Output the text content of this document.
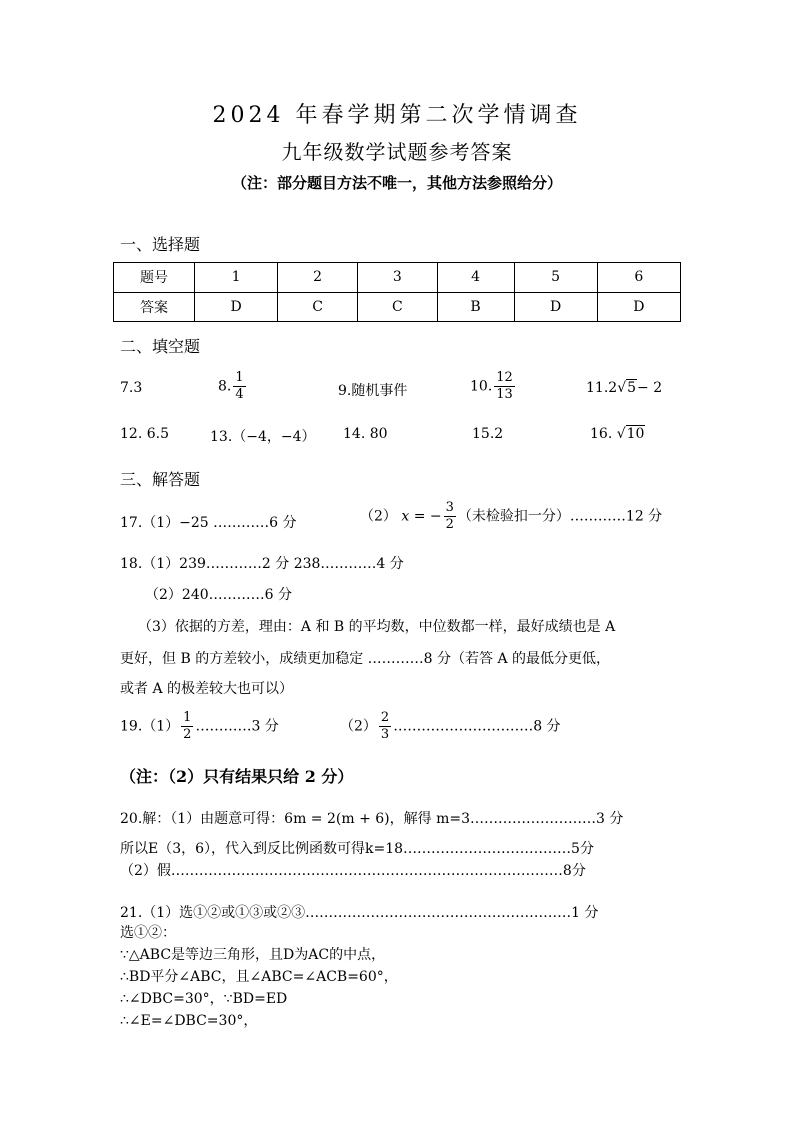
2024 年春学期第二次学情调查
九年级数学试题参考答案
（注：部分题目方法不唯一，其他方法参照给分）
一、选择题
题号	1	2	3	4	5	6
答案	D	C	C	B	D	D
二、填空题
7.3	8. $\frac{1}{4}$	9.随机事件	10. $\frac{12}{13}$	11.2√5− 2
12. 6.5	13.（−4，−4） 14. 80	15.2	16. √10
三、解答题
17.（1）−25 …………6 分	（2） x = − $\frac{3}{2}$ （未检验扣一分）…………12 分
18.（1）239…………2 分 238…………4 分
（2）240…………6 分
（3）依据的方差，理由：A 和 B 的平均数，中位数都一样，最好成绩也是 A
更好，但 B 的方差较小，成绩更加稳定 …………8 分（若答 A 的最低分更低，
或者 A 的极差较大也可以）
$19.(1) \frac{1}{2}$ …………3 分	$(2) \frac{2}{3}$ …………………………8 分
（注：（2）只有结果只给 2 分）
20.解：（1）由题意可得：6m = 2(m + 6)，解得 m=3………………………3 分
所以E（3，6），代入到反比例函数可得k=18………………………………5分
（2）假…………………………………………………………………………8分
21.（1）选①②或①③或②③…………………………………………………1 分
选①②：
∵△ABC是等边三角形，且D为AC的中点，
∴BD平分∠ABC，且∠ABC=∠ACB=60°，
∴∠DBC=30°，∵BD=ED
∴∠E=∠DBC=30°，
